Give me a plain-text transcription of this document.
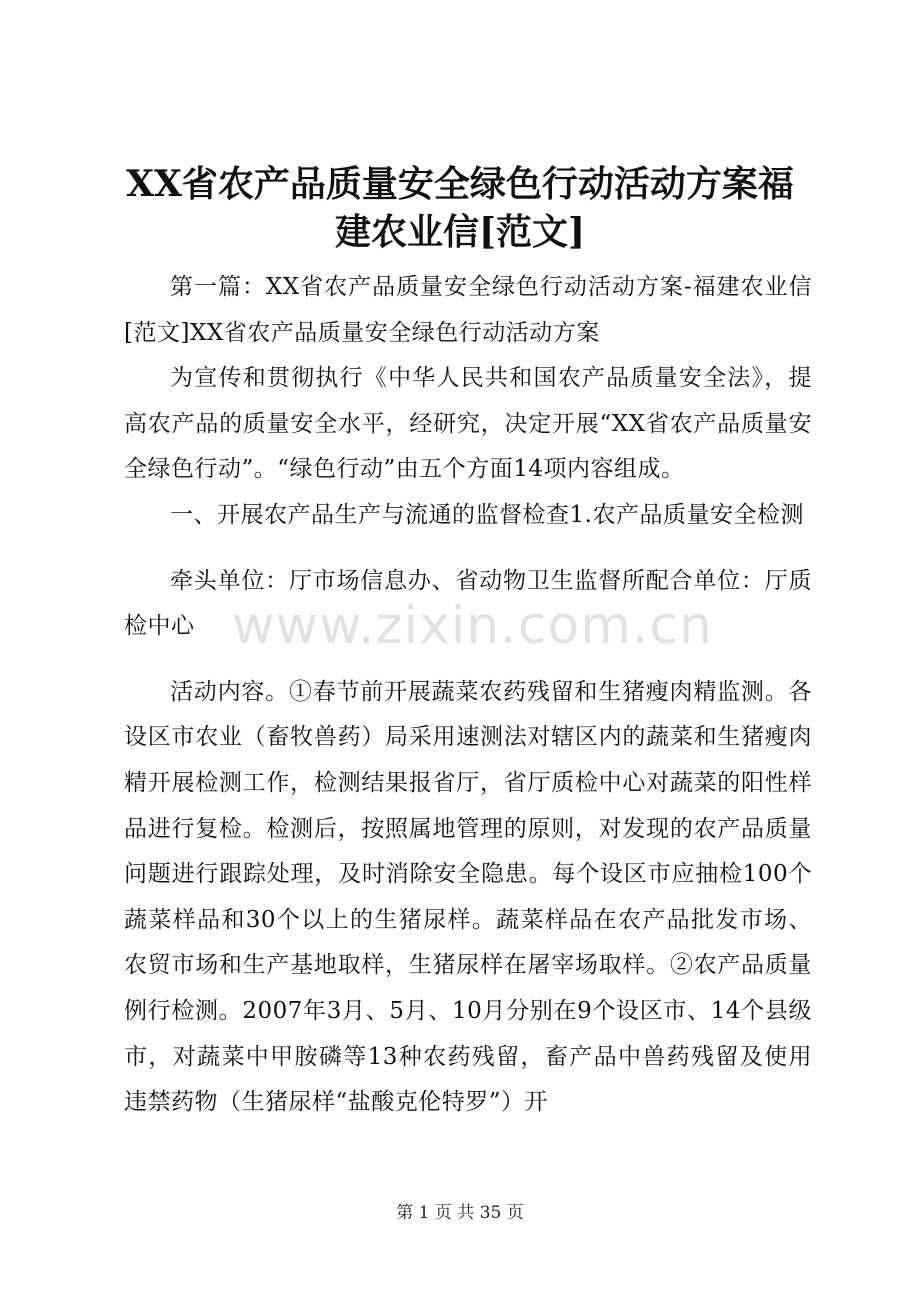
XX省农产品质量安全绿色行动活动方案福建农业信[范文]

第一篇：XX省农产品质量安全绿色行动活动方案-福建农业信[范文]XX省农产品质量安全绿色行动活动方案

为宣传和贯彻执行《中华人民共和国农产品质量安全法》，提高农产品的质量安全水平，经研究，决定开展“XX省农产品质量安全绿色行动”。“绿色行动”由五个方面14项内容组成。

一、开展农产品生产与流通的监督检查1.农产品质量安全检测

牵头单位：厅市场信息办、省动物卫生监督所配合单位：厅质检中心

活动内容。①春节前开展蔬菜农药残留和生猪瘦肉精监测。各设区市农业（畜牧兽药）局采用速测法对辖区内的蔬菜和生猪瘦肉精开展检测工作，检测结果报省厅，省厅质检中心对蔬菜的阳性样品进行复检。检测后，按照属地管理的原则，对发现的农产品质量问题进行跟踪处理，及时消除安全隐患。每个设区市应抽检100个蔬菜样品和30个以上的生猪尿样。蔬菜样品在农产品批发市场、农贸市场和生产基地取样，生猪尿样在屠宰场取样。②农产品质量例行检测。2007年3月、5月、10月分别在9个设区市、14个县级市，对蔬菜中甲胺磷等13种农药残留，畜产品中兽药残留及使用违禁药物（生猪尿样“盐酸克伦特罗”）开

www.zixin.com.cn
第 1 页 共 35 页
